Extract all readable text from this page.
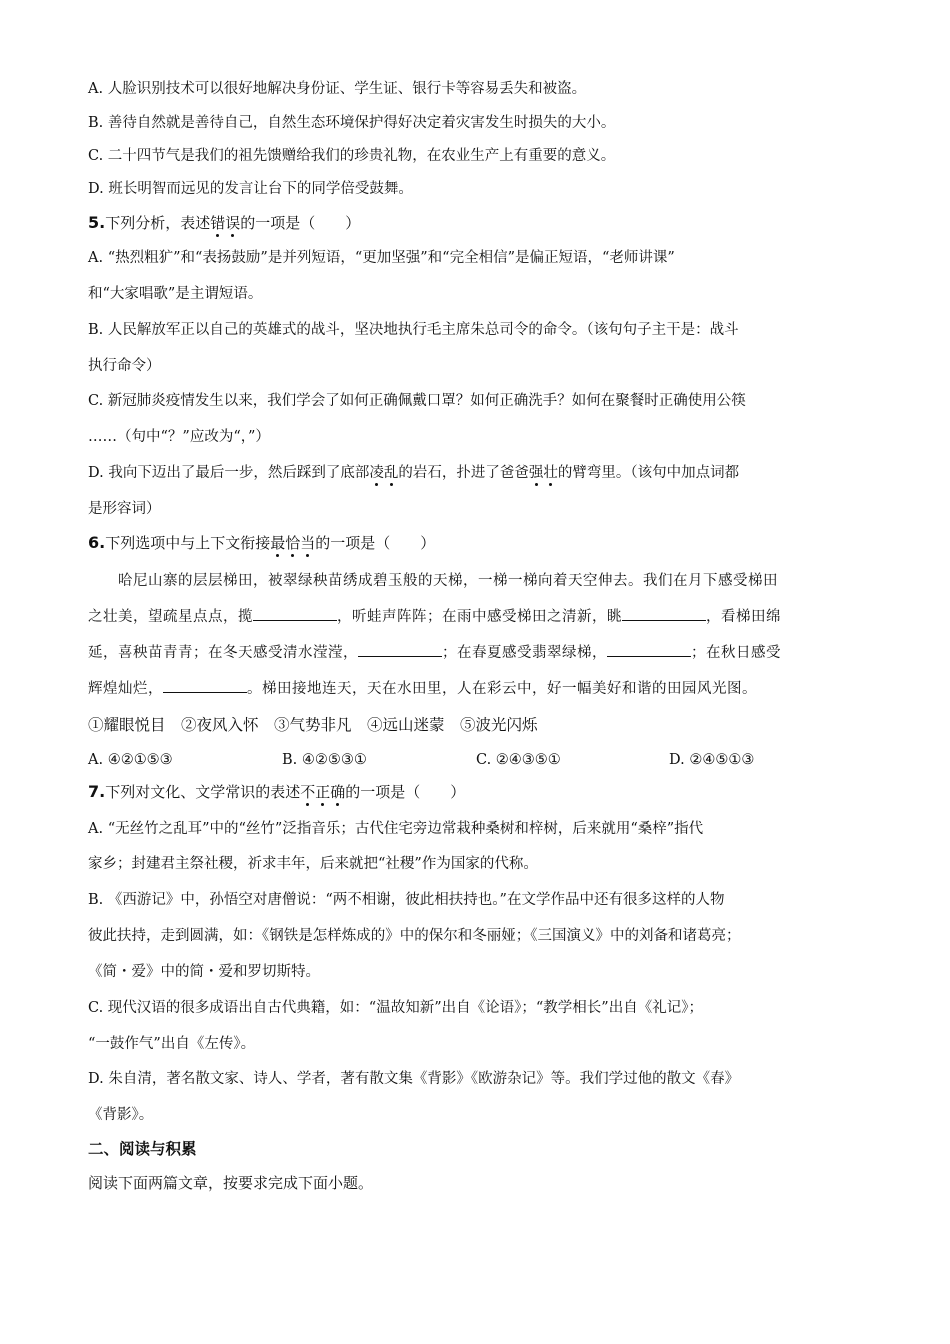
A. 人脸识别技术可以很好地解决身份证、学生证、银行卡等容易丢失和被盗。
B. 善待自然就是善待自己，自然生态环境保护得好决定着灾害发生时损失的大小。
C. 二十四节气是我们的祖先馈赠给我们的珍贵礼物，在农业生产上有重要的意义。
D. 班长明智而远见的发言让台下的同学倍受鼓舞。
5.下列分析，表述错误的一项是（　　）
A. “热烈粗犷”和“表扬鼓励”是并列短语，“更加坚强”和“完全相信”是偏正短语，“老师讲课”
和“大家唱歌”是主谓短语。
B. 人民解放军正以自己的英雄式的战斗，坚决地执行毛主席朱总司令的命令。（该句句子主干是：战斗
执行命令）
C. 新冠肺炎疫情发生以来，我们学会了如何正确佩戴口罩？如何正确洗手？如何在聚餐时正确使用公筷
……（句中“？”应改为“，”）
D. 我向下迈出了最后一步，然后踩到了底部凌乱的岩石，扑进了爸爸强壮的臂弯里。（该句中加点词都
是形容词）
6.下列选项中与上下文衔接最恰当的一项是（　　）
哈尼山寨的层层梯田，被翠绿秧苗绣成碧玉般的天梯，一梯一梯向着天空伸去。我们在月下感受梯田
之壮美，望疏星点点，揽	，听蛙声阵阵；在雨中感受梯田之清新，眺	，看梯田绵
延，喜秧苗青青；在冬天感受清水滢滢，	；在春夏感受翡翠绿梯，	；在秋日感受
辉煌灿烂，	。梯田接地连天，天在水田里，人在彩云中，好一幅美好和谐的田园风光图。
①耀眼悦目　②夜风入怀　③气势非凡　④远山迷蒙　⑤波光闪烁
A. ④②①⑤③	B. ④②⑤③①	C. ②④③⑤①	D. ②④⑤①③
7.下列对文化、文学常识的表述不正确的一项是（　　）
A. “无丝竹之乱耳”中的“丝竹”泛指音乐；古代住宅旁边常栽种桑树和梓树，后来就用“桑梓”指代
家乡；封建君主祭社稷，祈求丰年，后来就把“社稷”作为国家的代称。
B. 《西游记》中，孙悟空对唐僧说：“两不相谢，彼此相扶持也。”在文学作品中还有很多这样的人物
彼此扶持，走到圆满，如：《钢铁是怎样炼成的》中的保尔和冬丽娅；《三国演义》中的刘备和诸葛亮；
《简・爱》中的简・爱和罗切斯特。
C. 现代汉语的很多成语出自古代典籍，如：“温故知新”出自《论语》；“教学相长”出自《礼记》；
“一鼓作气”出自《左传》。
D. 朱自清，著名散文家、诗人、学者，著有散文集《背影》《欧游杂记》等。我们学过他的散文《春》
《背影》。
二、阅读与积累
阅读下面两篇文章，按要求完成下面小题。
